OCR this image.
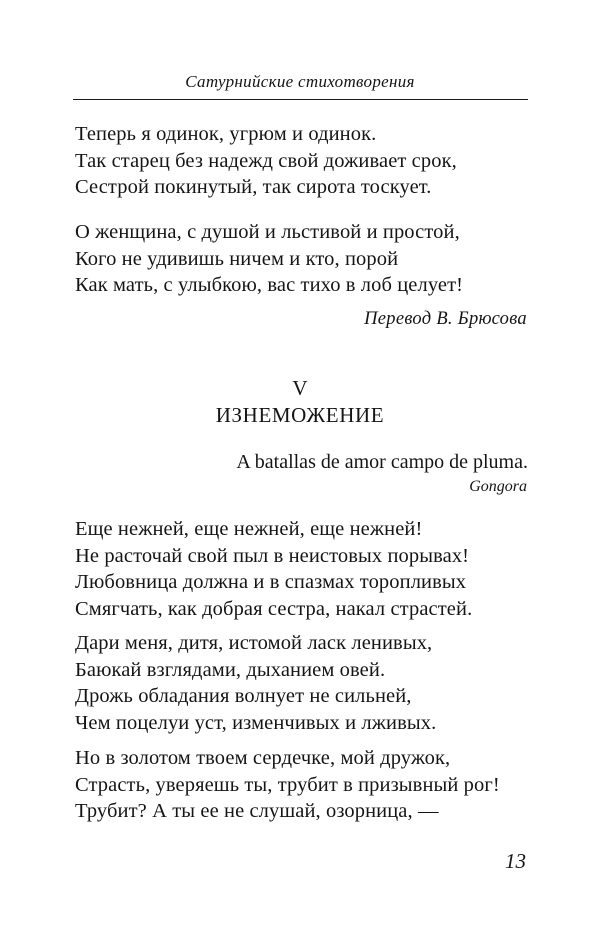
Сатурнийские стихотворения
Теперь я одинок, угрюм и одинок.
Так старец без надежд свой доживает срок,
Сестрой покинутый, так сирота тоскует.
О женщина, с душой и льстивой и простой,
Кого не удивишь ничем и кто, порой
Как мать, с улыбкою, вас тихо в лоб целует!
Перевод В. Брюсова
V
ИЗНЕМОЖЕНИЕ
A batallas de amor campo de pluma.
Gongora
Еще нежней, еще нежней, еще нежней!
Не расточай свой пыл в неистовых порывах!
Любовница должна и в спазмах торопливых
Смягчать, как добрая сестра, накал страстей.
Дари меня, дитя, истомой ласк ленивых,
Баюкай взглядами, дыханием овей.
Дрожь обладания волнует не сильней,
Чем поцелуи уст, изменчивых и лживых.
Но в золотом твоем сердечке, мой дружок,
Страсть, уверяешь ты, трубит в призывный рог!
Трубит? А ты ее не слушай, озорница, —
13
